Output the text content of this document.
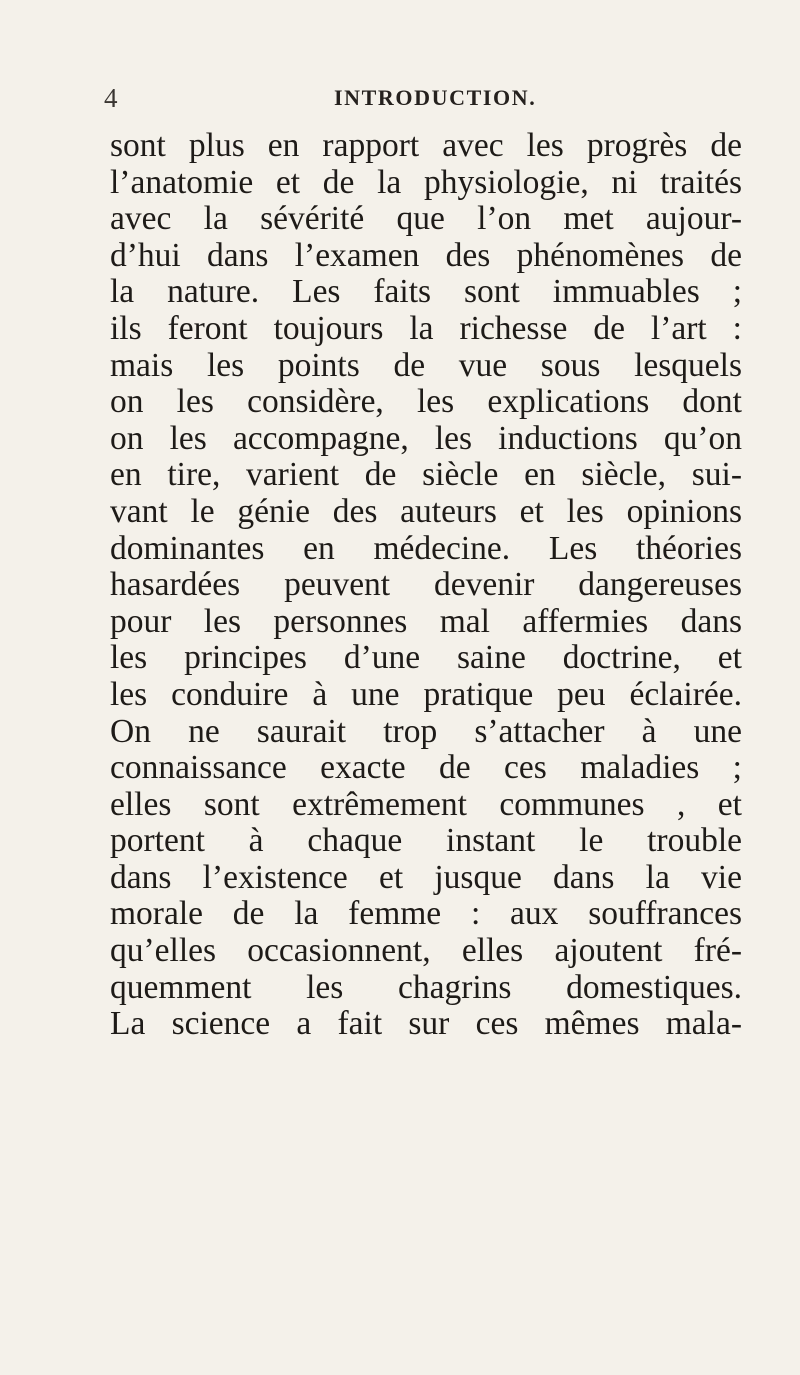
4	INTRODUCTION.
sont plus en rapport avec les progrès de
l’anatomie et de la physiologie, ni traités
avec la sévérité que l’on met aujour-
d’hui dans l’examen des phénomènes de
la nature. Les faits sont immuables ;
ils feront toujours la richesse de l’art :
mais les points de vue sous lesquels
on les considère, les explications dont
on les accompagne, les inductions qu’on
en tire, varient de siècle en siècle, sui-
vant le génie des auteurs et les opinions
dominantes en médecine. Les théories
hasardées peuvent devenir dangereuses
pour les personnes mal affermies dans
les principes d’une saine doctrine, et
les conduire à une pratique peu éclairée.
On ne saurait trop s’attacher à une
connaissance exacte de ces maladies ;
elles sont extrêmement communes , et
portent à chaque instant le trouble
dans l’existence et jusque dans la vie
morale de la femme : aux souffrances
qu’elles occasionnent, elles ajoutent fré-
quemment les chagrins domestiques.
La science a fait sur ces mêmes mala-
